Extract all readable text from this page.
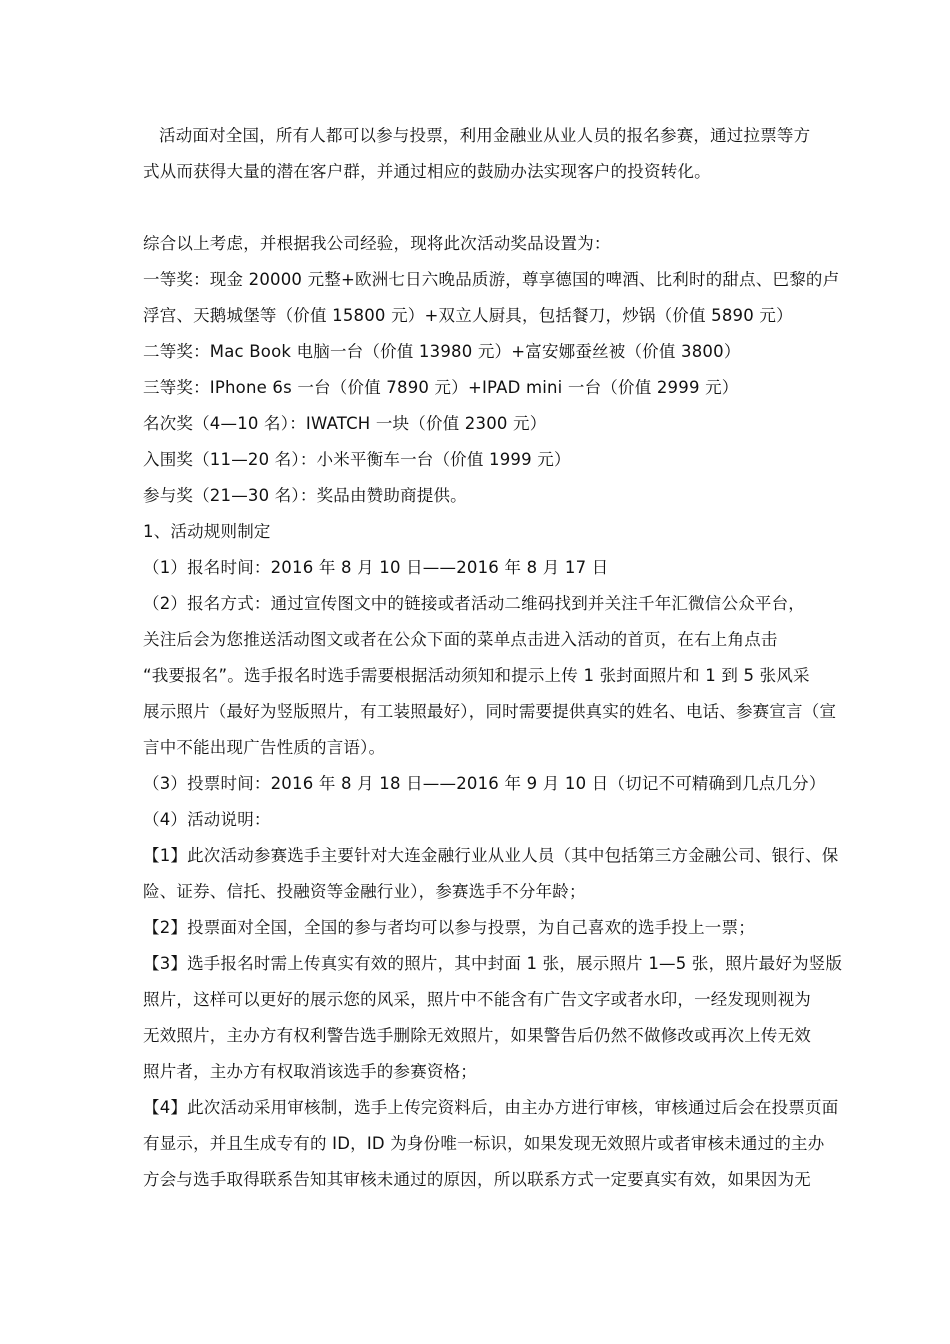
活动面对全国，所有人都可以参与投票，利用金融业从业人员的报名参赛，通过拉票等方
式从而获得大量的潜在客户群，并通过相应的鼓励办法实现客户的投资转化。
综合以上考虑，并根据我公司经验，现将此次活动奖品设置为：
一等奖：现金 20000 元整+欧洲七日六晚品质游，尊享德国的啤酒、比利时的甜点、巴黎的卢
浮宫、天鹅城堡等（价值 15800 元）+双立人厨具，包括餐刀，炒锅（价值 5890 元）
二等奖：Mac Book 电脑一台（价值 13980 元）+富安娜蚕丝被（价值 3800）
三等奖：IPhone 6s 一台（价值 7890 元）+IPAD mini 一台（价值 2999 元）
名次奖（4—10 名）：IWATCH 一块（价值 2300 元）
入围奖（11—20 名）：小米平衡车一台（价值 1999 元）
参与奖（21—30 名）：奖品由赞助商提供。
1、活动规则制定
（1）报名时间：2016 年 8 月 10 日——2016 年 8 月 17 日
（2）报名方式：通过宣传图文中的链接或者活动二维码找到并关注千年汇微信公众平台，
关注后会为您推送活动图文或者在公众下面的菜单点击进入活动的首页，在右上角点击
“我要报名”。选手报名时选手需要根据活动须知和提示上传 1 张封面照片和 1 到 5 张风采
展示照片（最好为竖版照片，有工装照最好），同时需要提供真实的姓名、电话、参赛宣言（宣
言中不能出现广告性质的言语）。
（3）投票时间：2016 年 8 月 18 日——2016 年 9 月 10 日（切记不可精确到几点几分）
（4）活动说明：
【1】此次活动参赛选手主要针对大连金融行业从业人员（其中包括第三方金融公司、银行、保
险、证券、信托、投融资等金融行业），参赛选手不分年龄；
【2】投票面对全国，全国的参与者均可以参与投票，为自己喜欢的选手投上一票；
【3】选手报名时需上传真实有效的照片，其中封面 1 张，展示照片 1—5 张，照片最好为竖版
照片，这样可以更好的展示您的风采，照片中不能含有广告文字或者水印，一经发现则视为
无效照片，主办方有权利警告选手删除无效照片，如果警告后仍然不做修改或再次上传无效
照片者，主办方有权取消该选手的参赛资格；
【4】此次活动采用审核制，选手上传完资料后，由主办方进行审核，审核通过后会在投票页面
有显示，并且生成专有的 ID，ID 为身份唯一标识，如果发现无效照片或者审核未通过的主办
方会与选手取得联系告知其审核未通过的原因，所以联系方式一定要真实有效，如果因为无
